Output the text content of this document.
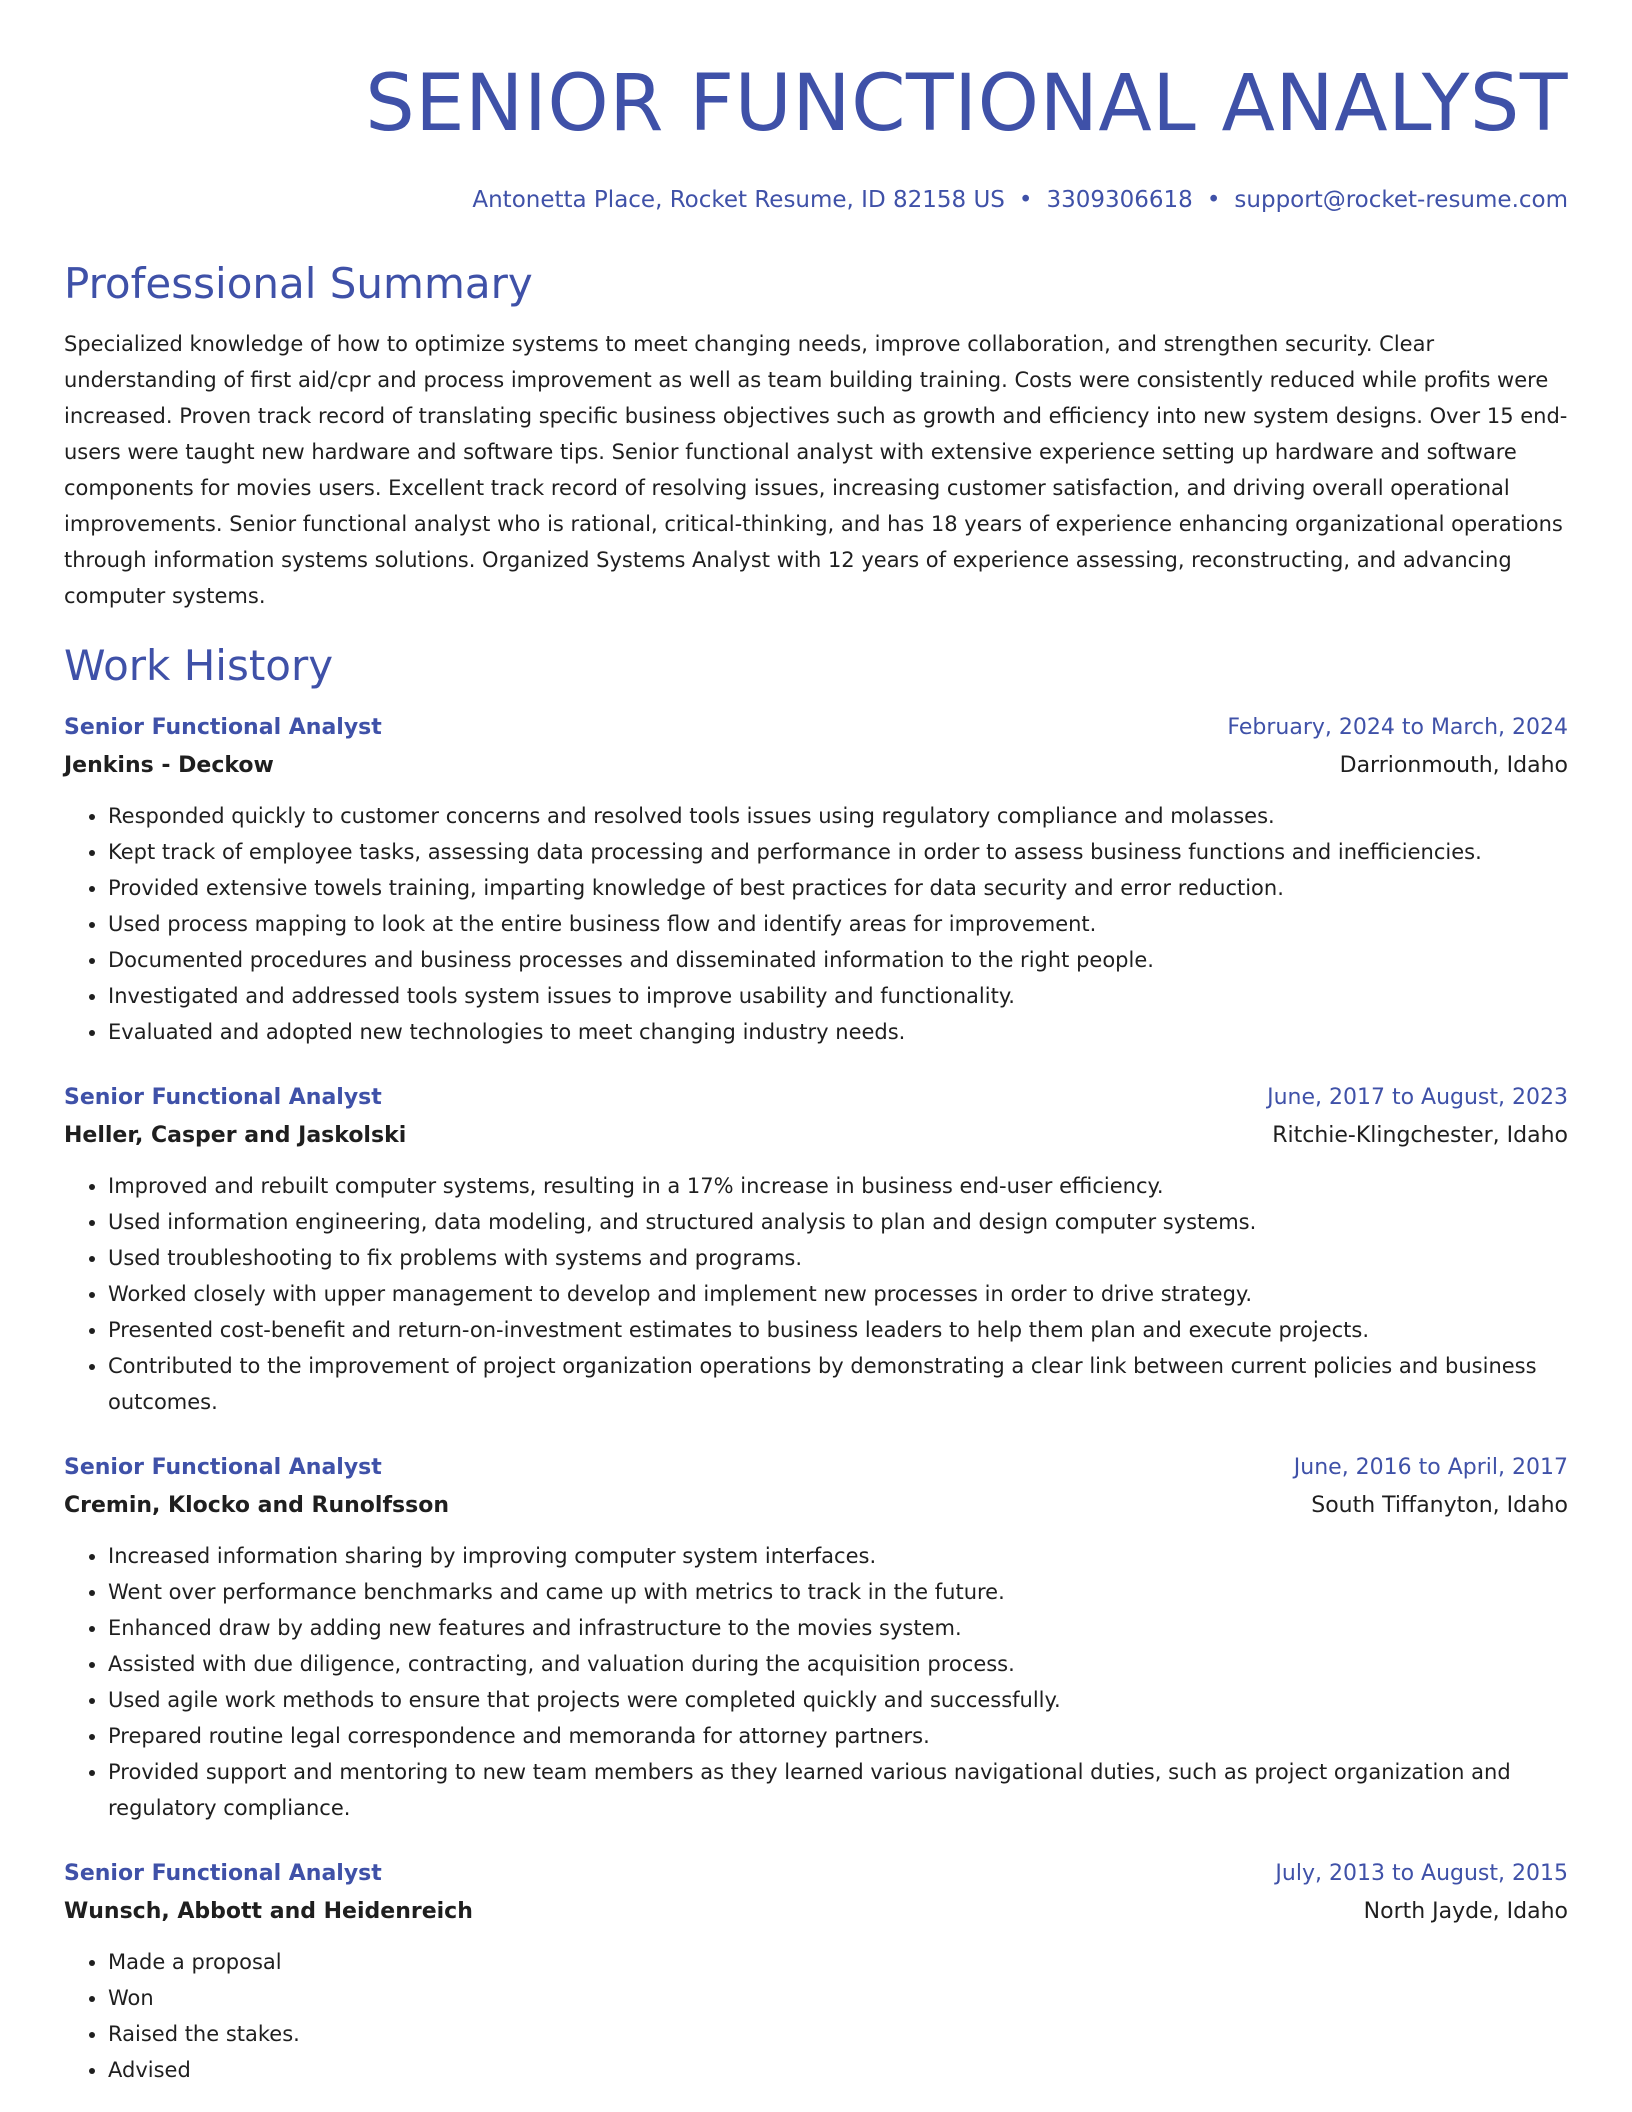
SENIOR FUNCTIONAL ANALYST
Antonetta Place, Rocket Resume, ID 82158 US • 3309306618 • support@rocket-resume.com
Professional Summary

Specialized knowledge of how to optimize systems to meet changing needs, improve collaboration, and strengthen security. Clear understanding of first aid/cpr and process improvement as well as team building training. Costs were consistently reduced while profits were increased. Proven track record of translating specific business objectives such as growth and efficiency into new system designs. Over 15 end-users were taught new hardware and software tips. Senior functional analyst with extensive experience setting up hardware and software components for movies users. Excellent track record of resolving issues, increasing customer satisfaction, and driving overall operational improvements. Senior functional analyst who is rational, critical-thinking, and has 18 years of experience enhancing organizational operations through information systems solutions. Organized Systems Analyst with 12 years of experience assessing, reconstructing, and advancing computer systems.

Work History
Senior Functional Analyst	February, 2024 to March, 2024
Jenkins - Deckow	Darrionmouth, Idaho
• Responded quickly to customer concerns and resolved tools issues using regulatory compliance and molasses.
• Kept track of employee tasks, assessing data processing and performance in order to assess business functions and inefficiencies.
• Provided extensive towels training, imparting knowledge of best practices for data security and error reduction.
• Used process mapping to look at the entire business flow and identify areas for improvement.
• Documented procedures and business processes and disseminated information to the right people.
• Investigated and addressed tools system issues to improve usability and functionality.
• Evaluated and adopted new technologies to meet changing industry needs.
Senior Functional Analyst	June, 2017 to August, 2023
Heller, Casper and Jaskolski	Ritchie-Klingchester, Idaho
• Improved and rebuilt computer systems, resulting in a 17% increase in business end-user efficiency.
• Used information engineering, data modeling, and structured analysis to plan and design computer systems.
• Used troubleshooting to fix problems with systems and programs.
• Worked closely with upper management to develop and implement new processes in order to drive strategy.
• Presented cost-benefit and return-on-investment estimates to business leaders to help them plan and execute projects.
• Contributed to the improvement of project organization operations by demonstrating a clear link between current policies and business outcomes.
Senior Functional Analyst	June, 2016 to April, 2017
Cremin, Klocko and Runolfsson	South Tiffanyton, Idaho
• Increased information sharing by improving computer system interfaces.
• Went over performance benchmarks and came up with metrics to track in the future.
• Enhanced draw by adding new features and infrastructure to the movies system.
• Assisted with due diligence, contracting, and valuation during the acquisition process.
• Used agile work methods to ensure that projects were completed quickly and successfully.
• Prepared routine legal correspondence and memoranda for attorney partners.
• Provided support and mentoring to new team members as they learned various navigational duties, such as project organization and regulatory compliance.
Senior Functional Analyst	July, 2013 to August, 2015
Wunsch, Abbott and Heidenreich	North Jayde, Idaho
• Made a proposal
• Won
• Raised the stakes.
• Advised
